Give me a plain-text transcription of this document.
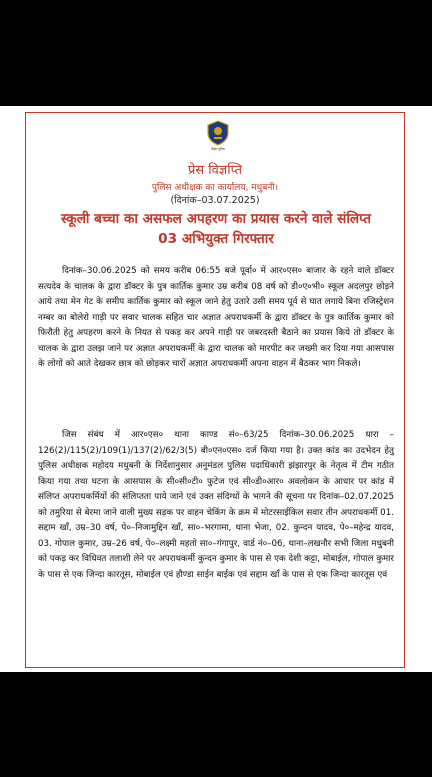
बिहार पुलिस
प्रेस विज्ञप्ति
पुलिस अधीक्षक का कार्यालय, मधुबनी।
(दिनांक–03.07.2025)
स्कूली बच्चा का असफल अपहरण का प्रयास करने वाले संलिप्त
03 अभियुक्त गिरफ्तार

दिनांक–30.06.2025 को समय करीब 06:55 बजे पूर्वा० में आर०एस० बाजार के रहने वाले डॉक्टर सत्यदेव के चालक के द्वारा डॉक्टर के पुत्र कार्तिक कुमार उम्र करीब 08 वर्ष को डी०ए०भी० स्कूल अदलपुर छोड़ने आये तथा मेन गेट के समीप कार्तिक कुमार को स्कूल जाने हेतु उतारे उसी समय पूर्व से घात लगाये बिना रजिस्ट्रेशन नम्बर का बोलेरो गाड़ी पर सवार चालक सहित चार अज्ञात अपराधकर्मी के द्वारा डॉक्टर के पुत्र कार्तिक कुमार को फिरौती हेतु अपहरण करने के नियत से पकड़ कर अपने गाड़ी पर जबरदस्ती बैठाने का प्रयास किये तो डॉक्टर के चालक के द्वारा उलझ जाने पर अज्ञात अपराधकर्मी के द्वारा चालक को मारपीट कर जख्मी कर दिया गया आसपास के लोगों को आते देखकर छात्र को छोड़कर चारों अज्ञात अपराधकर्मी अपना वाहन में बैठकर भाग निकले।

जिस संबंध में आर०एस० थाना काण्ड सं०–63/25 दिनांक–30.06.2025 धारा –126(2)/115(2)/109(1)/137(2)/62/3(5) बी०एन०एस० दर्ज किया गया है। उक्त कांड का उदभेदन हेतु पुलिस अधीक्षक महोदय मधुबनी के निर्देशानुसार अनुमंडल पुलिस पदाधिकारी झंझारपुर के नेतृत्व में टीम गठीत किया गया तथा घटना के आसपास के सी०सी०टी० फुटेज एवं सी०डी०आर० अवलोकन के आधार पर कांड में संलिप्त अपराधकर्मियों की संलिप्तता पाये जाने एवं उक्त संदिग्धों के भागने की सूचना पर दिनांक–02.07.2025 को तमुरिया से बेरमा जाने वाली मुख्य सड़क पर वाहन चेकिंग के क्रम में मोटरसाईकिल सवार तीन अपराधकर्मी 01. सद्दाम खाँ, उम्र–30 वर्ष, पे०–निजामुद्दिन खाँ, सा०–भरगामा, थाना भेजा, 02. कुन्दन यादव, पे०–महेन्द्र यादव, 03. गोपाल कुमार, उम्र–26 वर्ष, पे०–लक्ष्मी महतो सा०–गंगापुर, वार्ड नं०–06, थाना–लखनौर सभी जिला मधुबनी को पकड़ कर विधिवत तलाशी लेने पर अपराधकर्मी कुन्दन कुमार के पास से एक देशी कट्टा, मोबाईल, गोपाल कुमार के पास से एक जिन्दा कारतूस, मोबाईल एवं हौण्डा साईन बाईक एवं सद्दाम खाँ के पास से एक जिन्दा कारतूस एवं
